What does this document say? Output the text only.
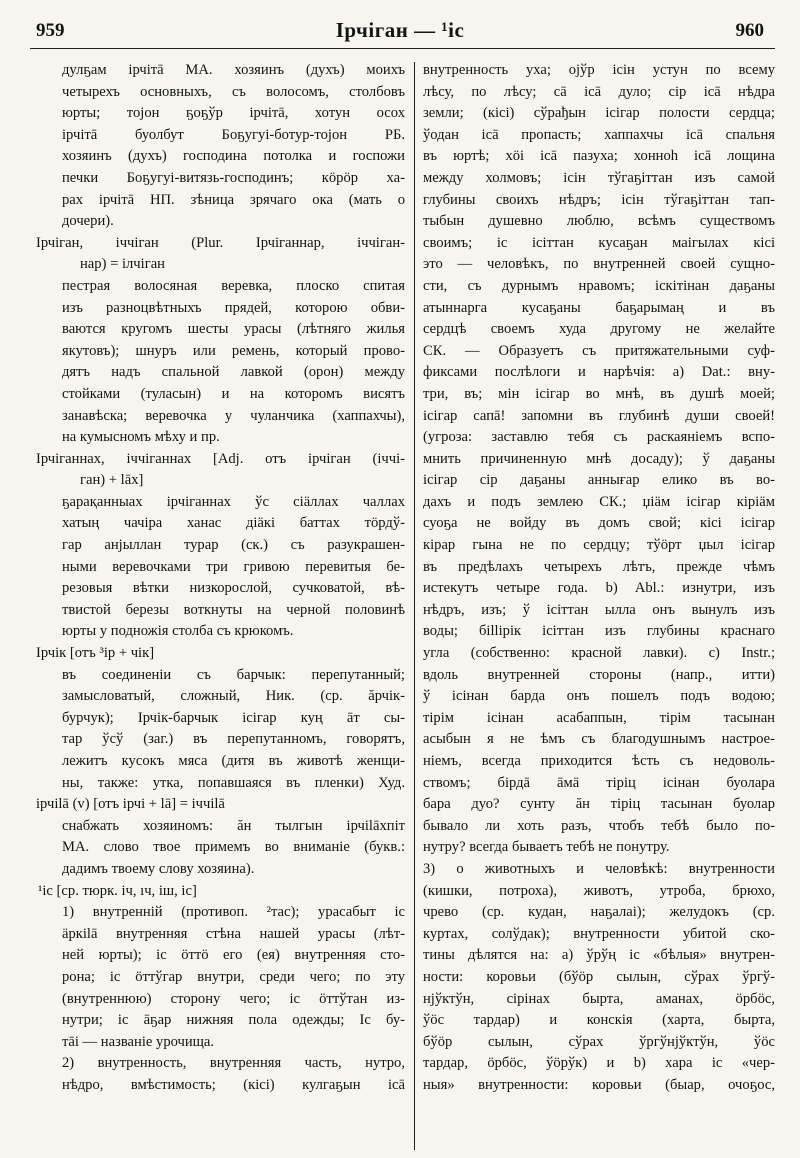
959	Ірчіган — ¹іс	960
дулҕам ірчітā МА. хозяинъ (духъ) моихъ
четырехъ основныхъ, съ волосомъ, столбовъ
юрты; тојон ҕоҕўр ірчітā, хотун осох
ірчітā буолбут Боҕугуі-ботур-тојон РБ.
хозяинъ (духъ) господина потолка и госпожи
печки Боҕугуі-витязь-господинъ; кöрöр ха-
рах ірчітā НП. зѣница зрячаго ока (мать о
дочери).
Ірчіган, іччіган (Plur. Ірчіганнар, іччіган-
нар) = ілчіган
пестрая волосяная веревка, плоско спитая
изъ разноцвѣтныхъ прядей, которою обви-
ваются кругомъ шесты урасы (лѣтняго жилья
якутовъ); шнуръ или ремень, который прово-
дятъ надъ спальной лавкой (орон) между
стойками (туласын) и на которомъ висятъ
занавѣска; веревочка у чуланчика (хаппахчы),
на кумысномъ мѣху и пр.
Ірчіганнах, іччіганнах [Adj. отъ ірчіган (іччі-
ган) + lāх]
ҕарақанныах ірчіганнах ўс сіäллах чаллах
хатың чачіра ханас діäкі баттах тöрдў-
гар анјыллан турар (ск.) съ разукрашен-
ными веревочками три гривою перевитыя бе-
резовыя вѣтки низкорослой, сучковатой, вѣ-
твистой березы воткнуты на черной половинѣ
юрты у подножія столба съ крюкомъ.
Ірчік [отъ ³ір + чік]
въ соединеніи съ барчык: перепутанный;
замысловатый, сложный, Ник. (ср. ăрчік-
бурчук); Ірчік-барчык ісігар куң āт сы-
тар ўсў (заг.) въ перепутанномъ, говорятъ,
лежитъ кусокъ мяса (дитя въ животѣ женщи-
ны, также: утка, попавшаяся въ пленки) Худ.
ірчіlā (v) [отъ ірчі + lā] = іччіlā
снабжать хозяиномъ: ăн тылгын ірчіlāхпіт
МА. слово твое примемъ во вниманіе (букв.:
дадимъ твоему слову хозяина).
¹іс [ср. тюрк. іч, ıч, іш, іс]
1) внутренній (противоп. ²тас); урасабыт іс
äркіlā внутренняя стѣна нашей урасы (лѣт-
ней юрты); іс öттö его (ея) внутренняя сто-
рона; іс öттўгар внутри, среди чего; по эту
(внутреннюю) сторону чего; іс öттўтан из-
нутри; іс āҕар нижняя пола одежды; Іс бу-
тāі — названіе урочища.
2) внутренность, внутренняя часть, нутро,
нѣдро, вмѣстимость; (кісі) кулгаҕын ісā
внутренность уха; ојўр ісін устун по всему
лѣсу, по лѣсу; сā ісā дуло; сір ісā нѣдра
земли; (кісі) сўрађын ісігар полости сердца;
ўодан ісā пропасть; хаппахчы ісā спальня
въ юртѣ; хöі ісā пазуха; хонноһ ісā лощина
между холмовъ; ісін тўгаҕіттан изъ самой
глубины своихъ нѣдръ; ісін тўгаҕіттан тап-
тыбын душевно люблю, всѣмъ существомъ
своимъ; іс ісіттан кусаҕан маігылах кісі
это — человѣкъ, по внутренней своей сущно-
сти, съ дурнымъ нравомъ; іскітінан даҕаны
атыннарга кусаҕаны баҕарымаң и въ
сердцѣ своемъ худа другому не желайте
СК. — Образуетъ съ притяжательными суф-
фиксами послѣлоги и нарѣчія: a) Dat.: вну-
три, въ; мін ісігар во мнѣ, въ душѣ моей;
ісігар сапā! запомни въ глубинѣ души своей!
(угроза: заставлю тебя съ раскаяніемъ вспо-
мнить причиненную мнѣ досаду); ў даҕаны
ісігар сір даҕаны аннығар елико въ во-
дахъ и подъ землею СК.; џіäм ісігар кіріäм
суоҕа не войду въ домъ свой; кісі ісігар
кірар гына не по сердцу; тўöрт џыл ісігар
въ предѣлахъ четырехъ лѣтъ, прежде чѣмъ
истекутъ четыре года. b) Abl.: изнутри, изъ
нѣдръ, изъ; ў ісіттан ылла онъ вынулъ изъ
воды; біllірік ісіттан изъ глубины краснаго
угла (собственно: красной лавки). c) Instr.;
вдоль внутренней стороны (напр., итти)
ў ісінан барда онъ пошелъ подъ водою;
тірім ісінан асабаппын, тірім тасынан
асыбын я не ѣмъ съ благодушнымъ настрое-
ніемъ, всегда приходится ѣсть съ недоволь-
ствомъ; бірдā āмā тіріц ісінан буолара
бара дуо? сунту ăн тіріц тасынан буолар
бывало ли хоть разъ, чтобъ тебѣ было по-
нутру? всегда бываетъ тебѣ не понутру.
3) о животныхъ и человѣкѣ: внутренности
(кишки, потроха), животъ, утроба, брюхо,
чрево (ср. кудан, наҕалаі); желудокъ (ср.
куртах, солўдак); внутренности убитой ско-
тины дѣлятся на: a) ўрўң іс «бѣлыя» внутрен-
ности: коровьи (бўöр сылын, сўрах ўргў-
нјўктўн, сірінах бырта, аманах, öрбöс,
ўöс тардар) и конскія (харта, бырта,
бўöр сылын, сўрах ўргўнјўктўн, ўöс
тардар, öрбöс, ўöрўк) и b) хара іс «чер-
ныя» внутренности: коровьи (быар, очоҕос,
